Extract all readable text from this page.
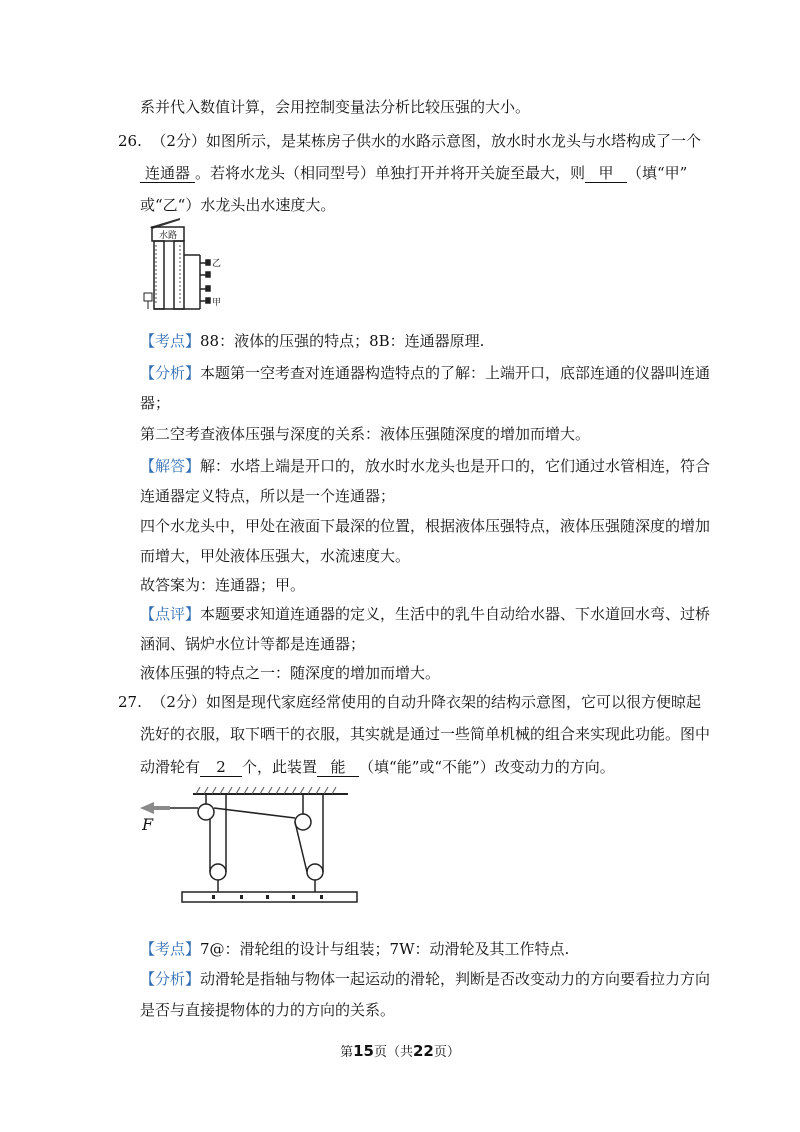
系并代入数值计算，会用控制变量法分析比较压强的大小。
26. （2分）如图所示，是某栋房子供水的水路示意图，放水时水龙头与水塔构成了一个
连通器 。若将水龙头（相同型号）单独打开并将开关旋至最大，则 甲 （填“甲”
或“乙“）水龙头出水速度大。
水路
乙
甲
【考点】88：液体的压强的特点；8B：连通器原理.
【分析】本题第一空考查对连通器构造特点的了解：上端开口，底部连通的仪器叫连通
器；
第二空考查液体压强与深度的关系：液体压强随深度的增加而增大。
【解答】解：水塔上端是开口的，放水时水龙头也是开口的，它们通过水管相连，符合
连通器定义特点，所以是一个连通器；
四个水龙头中，甲处在液面下最深的位置，根据液体压强特点，液体压强随深度的增加
而增大，甲处液体压强大，水流速度大。
故答案为：连通器；甲。
【点评】本题要求知道连通器的定义，生活中的乳牛自动给水器、下水道回水弯、过桥
涵洞、锅炉水位计等都是连通器；
液体压强的特点之一：随深度的增加而增大。
27. （2分）如图是现代家庭经常使用的自动升降衣架的结构示意图，它可以很方便晾起
洗好的衣服，取下晒干的衣服，其实就是通过一些简单机械的组合来实现此功能。图中
动滑轮有 2 个，此装置 能 （填“能”或“不能”）改变动力的方向。
F
【考点】7@：滑轮组的设计与组装；7W：动滑轮及其工作特点.
【分析】动滑轮是指轴与物体一起运动的滑轮，判断是否改变动力的方向要看拉力方向
是否与直接提物体的力的方向的关系。
第15页（共22页）
